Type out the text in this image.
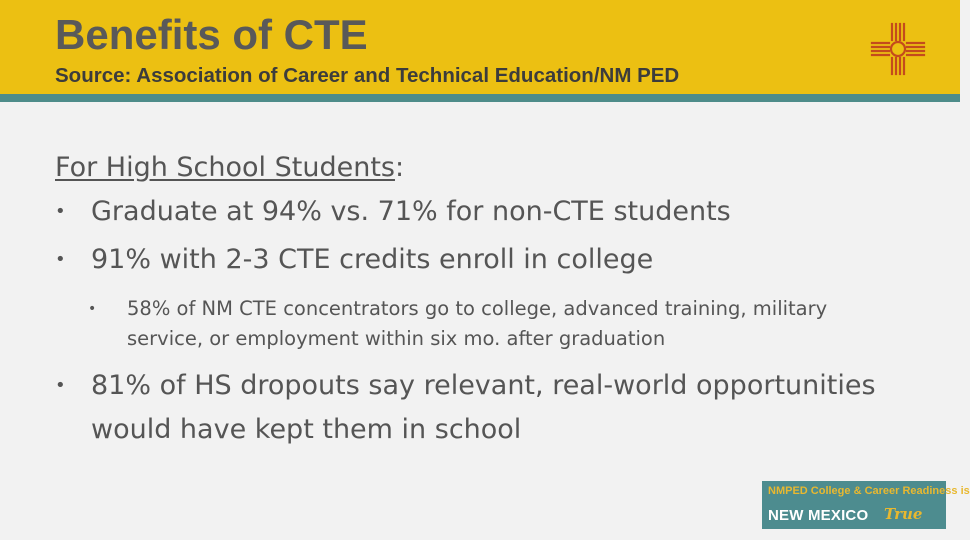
Benefits of CTE
Source: Association of Career and Technical Education/NM PED
For High School Students:
• Graduate at 94% vs. 71% for non-CTE students
• 91% with 2-3 CTE credits enroll in college
• 58% of NM CTE concentrators go to college, advanced training, military service, or employment within six mo. after graduation
• 81% of HS dropouts say relevant, real-world opportunities would have kept them in school
NMPED College & Career Readiness is
NEW MEXICO True
